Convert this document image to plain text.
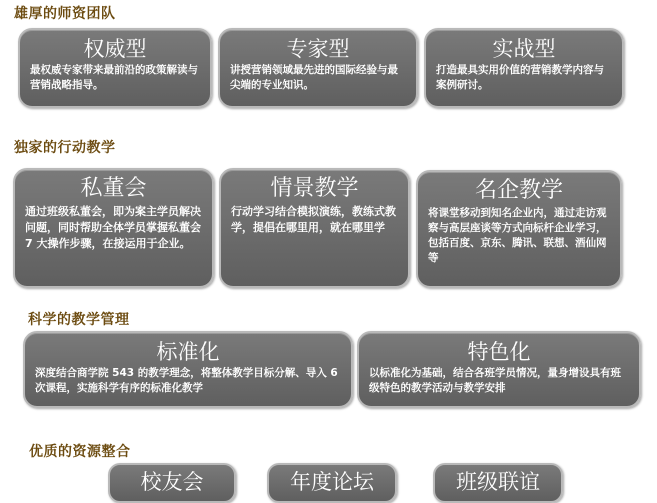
雄厚的师资团队
权威型
最权威专家带来最前沿的政策解读与营销战略指导。
专家型
讲授营销领域最先进的国际经验与最尖端的专业知识。
实战型
打造最具实用价值的营销教学内容与案例研讨。
独家的行动教学
私董会
通过班级私董会，即为案主学员解决问题，同时帮助全体学员掌握私董会 7 大操作步骤，在接运用于企业。
情景教学
行动学习结合模拟演练，教练式教学，提倡在哪里用，就在哪里学
名企教学
将课堂移动到知名企业内，通过走访观察与高层座谈等方式向标杆企业学习，包括百度、京东、腾讯、联想、酒仙网等
科学的教学管理
标准化
深度结合商学院 543 的教学理念，将整体教学目标分解、导入 6 次课程，实施科学有序的标准化教学
特色化
以标准化为基础，结合各班学员情况，量身增设具有班级特色的教学活动与教学安排
优质的资源整合
校友会	年度论坛	班级联谊
